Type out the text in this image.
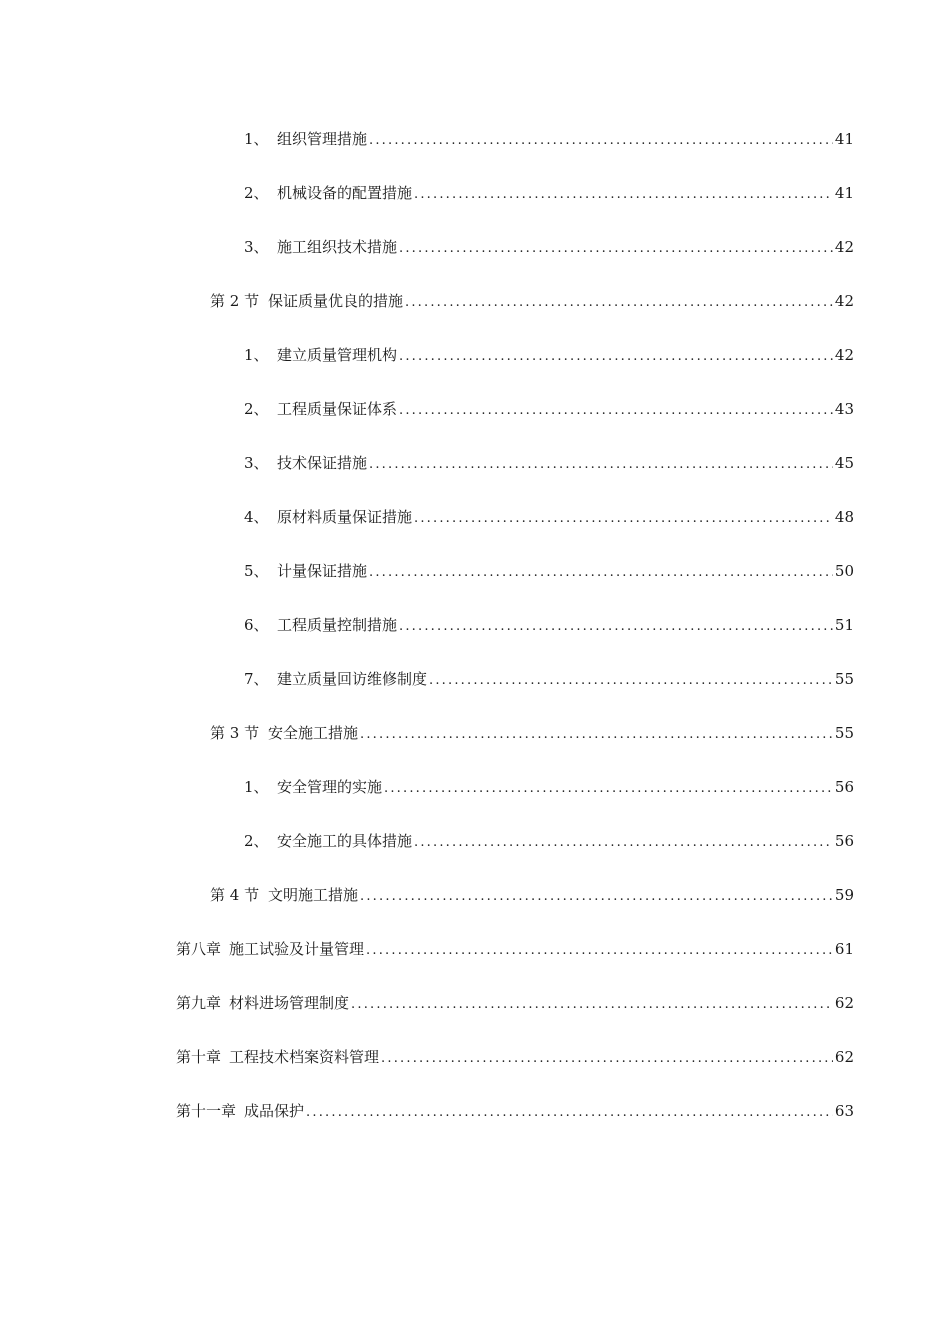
1、 组织管理措施 .....	41
2、 机械设备的配置措施 .....	41
3、 施工组织技术措施 .....	42
第 2 节 保证质量优良的措施 .....	42
1、 建立质量管理机构 .....	42
2、 工程质量保证体系 .....	43
3、 技术保证措施 .....	45
4、 原材料质量保证措施 .....	48
5、 计量保证措施 .....	50
6、 工程质量控制措施 .....	51
7、 建立质量回访维修制度 .....	55
第 3 节 安全施工措施 .....	55
1、 安全管理的实施 .....	56
2、 安全施工的具体措施 .....	56
第 4 节 文明施工措施 .....	59
第八章 施工试验及计量管理 .....	61
第九章 材料进场管理制度 .....	62
第十章 工程技术档案资料管理 .....	62
第十一章 成品保护 .....	63
